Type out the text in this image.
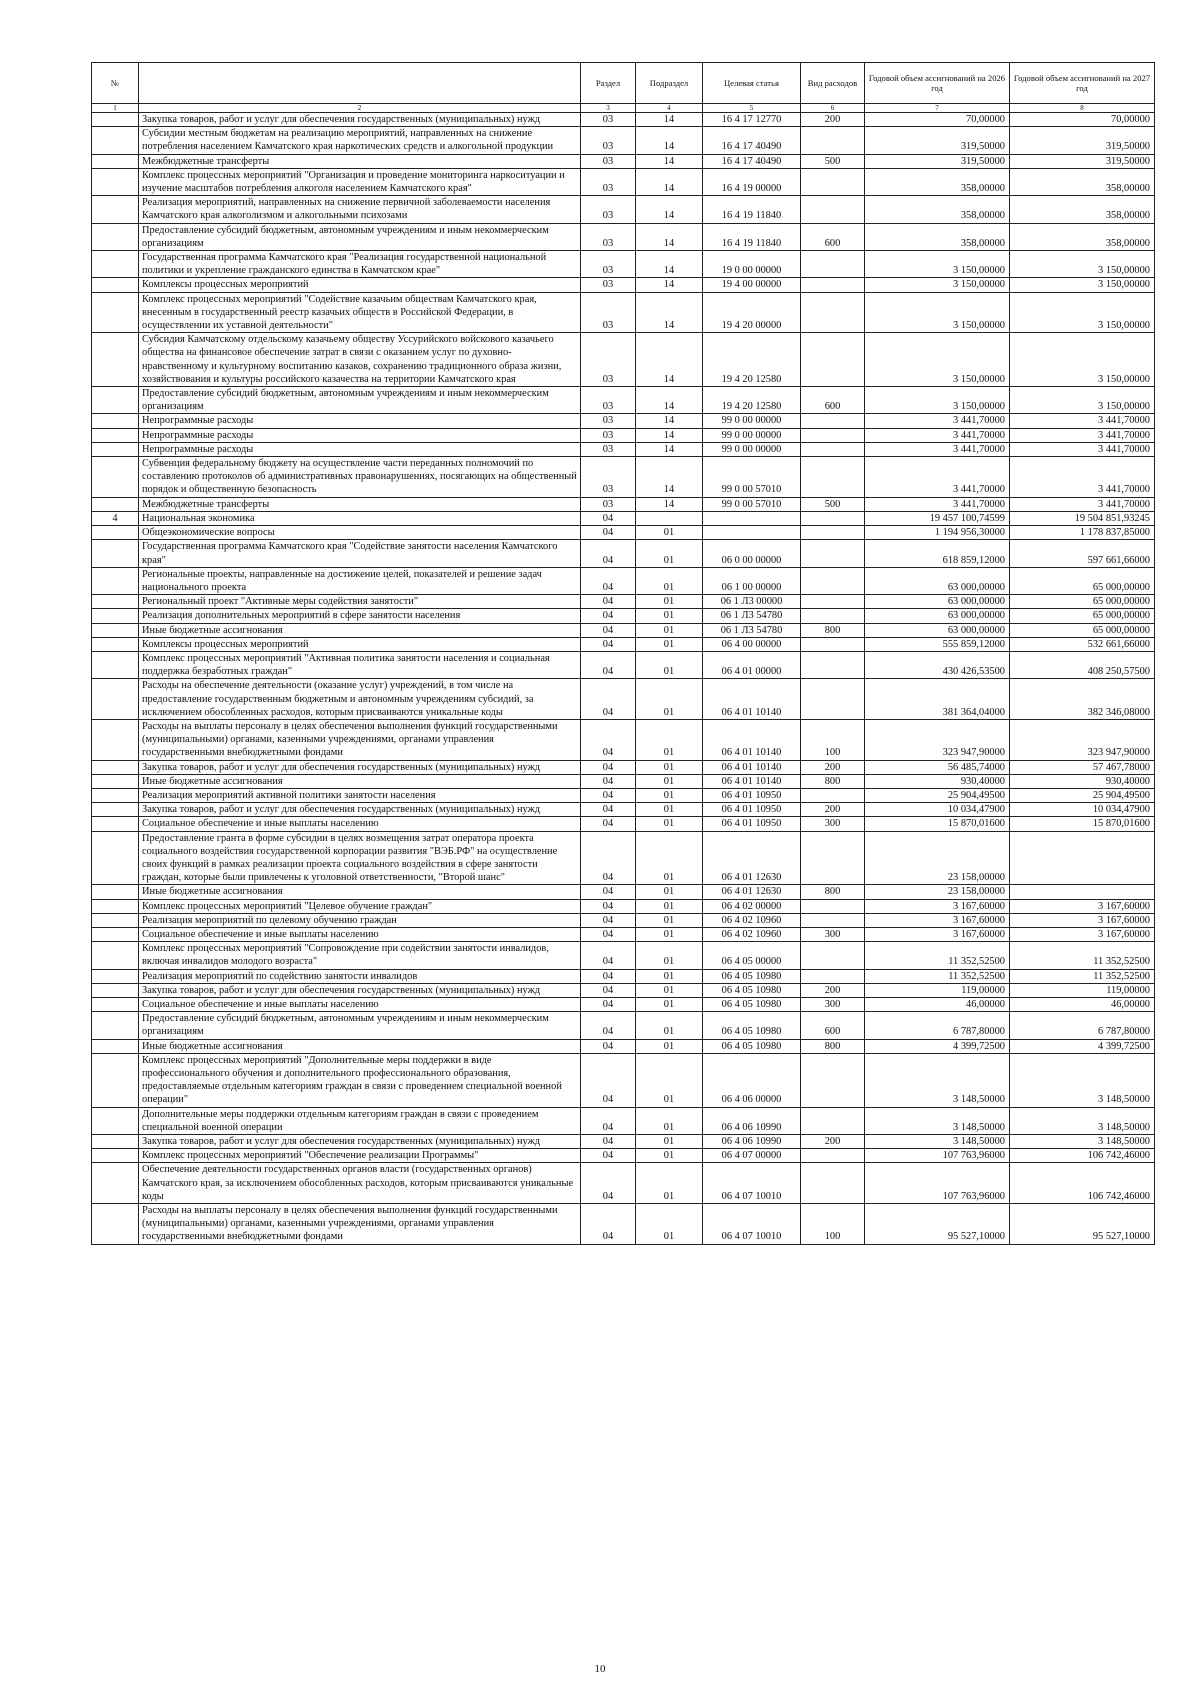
№		Раздел	Подраздел	Целевая статья	Вид расходов	Годовой объем ассигнований на 2026 год	Годовой объем ассигнований на 2027 год
1	2	3	4	5	6	7	8
	Закупка товаров, работ и услуг для обеспечения государственных (муниципальных) нужд	03	14	16 4 17 12770	200	70,00000	70,00000
	Субсидии местным бюджетам на реализацию мероприятий, направленных на снижение потребления населением Камчатского края наркотических средств и алкогольной продукции	03	14	16 4 17 40490		319,50000	319,50000
	Межбюджетные трансферты	03	14	16 4 17 40490	500	319,50000	319,50000
	Комплекс процессных мероприятий "Организация и проведение мониторинга наркоситуации и изучение масштабов потребления алкоголя населением Камчатского края"	03	14	16 4 19 00000		358,00000	358,00000
	Реализация мероприятий, направленных на снижение первичной заболеваемости населения Камчатского края алкоголизмом и алкогольными психозами	03	14	16 4 19 11840		358,00000	358,00000
	Предоставление субсидий бюджетным, автономным учреждениям и иным некоммерческим организациям	03	14	16 4 19 11840	600	358,00000	358,00000
	Государственная программа Камчатского края "Реализация государственной национальной политики и укрепление гражданского единства в Камчатском крае"	03	14	19 0 00 00000		3 150,00000	3 150,00000
	Комплексы процессных мероприятий	03	14	19 4 00 00000		3 150,00000	3 150,00000
	Комплекс процессных мероприятий "Содействие казачьим обществам Камчатского края, внесенным в государственный реестр казачьих обществ в Российской Федерации, в осуществлении их уставной деятельности"	03	14	19 4 20 00000		3 150,00000	3 150,00000
	Субсидия Камчатскому отдельскому казачьему обществу Уссурийского войскового казачьего общества на финансовое обеспечение затрат в связи с оказанием услуг по духовно-нравственному и культурному воспитанию казаков, сохранению традиционного образа жизни, хозяйствования и культуры российского казачества на территории Камчатского края	03	14	19 4 20 12580		3 150,00000	3 150,00000
	Предоставление субсидий бюджетным, автономным учреждениям и иным некоммерческим организациям	03	14	19 4 20 12580	600	3 150,00000	3 150,00000
	Непрограммные расходы	03	14	99 0 00 00000		3 441,70000	3 441,70000
	Непрограммные расходы	03	14	99 0 00 00000		3 441,70000	3 441,70000
	Непрограммные расходы	03	14	99 0 00 00000		3 441,70000	3 441,70000
	Субвенция федеральному бюджету на осуществление части переданных полномочий по составлению протоколов об административных правонарушениях, посягающих на общественный порядок и общественную безопасность	03	14	99 0 00 57010		3 441,70000	3 441,70000
	Межбюджетные трансферты	03	14	99 0 00 57010	500	3 441,70000	3 441,70000
4	Национальная экономика	04				19 457 100,74599	19 504 851,93245
	Общеэкономические вопросы	04	01			1 194 956,30000	1 178 837,85000
	Государственная программа Камчатского края "Содействие занятости населения Камчатского края"	04	01	06 0 00 00000		618 859,12000	597 661,66000
	Региональные проекты, направленные на достижение целей, показателей и решение задач национального проекта	04	01	06 1 00 00000		63 000,00000	65 000,00000
	Региональный проект "Активные меры содействия занятости"	04	01	06 1 Л3 00000		63 000,00000	65 000,00000
	Реализация дополнительных мероприятий в сфере занятости населения	04	01	06 1 Л3 54780		63 000,00000	65 000,00000
	Иные бюджетные ассигнования	04	01	06 1 Л3 54780	800	63 000,00000	65 000,00000
	Комплексы процессных мероприятий	04	01	06 4 00 00000		555 859,12000	532 661,66000
	Комплекс процессных мероприятий "Активная политика занятости населения и социальная поддержка безработных граждан"	04	01	06 4 01 00000		430 426,53500	408 250,57500
	Расходы на обеспечение деятельности (оказание услуг) учреждений, в том числе на предоставление государственным бюджетным и автономным учреждениям субсидий, за исключением обособленных расходов, которым присваиваются уникальные коды	04	01	06 4 01 10140		381 364,04000	382 346,08000
	Расходы на выплаты персоналу в целях обеспечения выполнения функций государственными (муниципальными) органами, казенными учреждениями, органами управления государственными внебюджетными фондами	04	01	06 4 01 10140	100	323 947,90000	323 947,90000
	Закупка товаров, работ и услуг для обеспечения государственных (муниципальных) нужд	04	01	06 4 01 10140	200	56 485,74000	57 467,78000
	Иные бюджетные ассигнования	04	01	06 4 01 10140	800	930,40000	930,40000
	Реализация мероприятий активной политики занятости населения	04	01	06 4 01 10950		25 904,49500	25 904,49500
	Закупка товаров, работ и услуг для обеспечения государственных (муниципальных) нужд	04	01	06 4 01 10950	200	10 034,47900	10 034,47900
	Социальное обеспечение и иные выплаты населению	04	01	06 4 01 10950	300	15 870,01600	15 870,01600
	Предоставление гранта в форме субсидии в целях возмещения затрат оператора проекта социального воздействия государственной корпорации развития "ВЭБ.РФ" на осуществление своих функций в рамках реализации проекта социального воздействия в сфере занятости граждан, которые были привлечены к уголовной ответственности, "Второй шанс"	04	01	06 4 01 12630		23 158,00000	
	Иные бюджетные ассигнования	04	01	06 4 01 12630	800	23 158,00000	
	Комплекс процессных мероприятий "Целевое обучение граждан"	04	01	06 4 02 00000		3 167,60000	3 167,60000
	Реализация мероприятий по целевому обучению граждан	04	01	06 4 02 10960		3 167,60000	3 167,60000
	Социальное обеспечение и иные выплаты населению	04	01	06 4 02 10960	300	3 167,60000	3 167,60000
	Комплекс процессных мероприятий "Сопровождение при содействии занятости инвалидов, включая инвалидов молодого возраста"	04	01	06 4 05 00000		11 352,52500	11 352,52500
	Реализация мероприятий по содействию занятости инвалидов	04	01	06 4 05 10980		11 352,52500	11 352,52500
	Закупка товаров, работ и услуг для обеспечения государственных (муниципальных) нужд	04	01	06 4 05 10980	200	119,00000	119,00000
	Социальное обеспечение и иные выплаты населению	04	01	06 4 05 10980	300	46,00000	46,00000
	Предоставление субсидий бюджетным, автономным учреждениям и иным некоммерческим организациям	04	01	06 4 05 10980	600	6 787,80000	6 787,80000
	Иные бюджетные ассигнования	04	01	06 4 05 10980	800	4 399,72500	4 399,72500
	Комплекс процессных мероприятий "Дополнительные меры поддержки в виде профессионального обучения и дополнительного профессионального образования, предоставляемые отдельным категориям граждан в связи с проведением специальной военной операции"	04	01	06 4 06 00000		3 148,50000	3 148,50000
	Дополнительные меры поддержки отдельным категориям граждан в связи с проведением специальной военной операции	04	01	06 4 06 10990		3 148,50000	3 148,50000
	Закупка товаров, работ и услуг для обеспечения государственных (муниципальных) нужд	04	01	06 4 06 10990	200	3 148,50000	3 148,50000
	Комплекс процессных мероприятий "Обеспечение реализации Программы"	04	01	06 4 07 00000		107 763,96000	106 742,46000
	Обеспечение деятельности государственных органов власти (государственных органов) Камчатского края, за исключением обособленных расходов, которым присваиваются уникальные коды	04	01	06 4 07 10010		107 763,96000	106 742,46000
	Расходы на выплаты персоналу в целях обеспечения выполнения функций государственными (муниципальными) органами, казенными учреждениями, органами управления государственными внебюджетными фондами	04	01	06 4 07 10010	100	95 527,10000	95 527,10000
10
